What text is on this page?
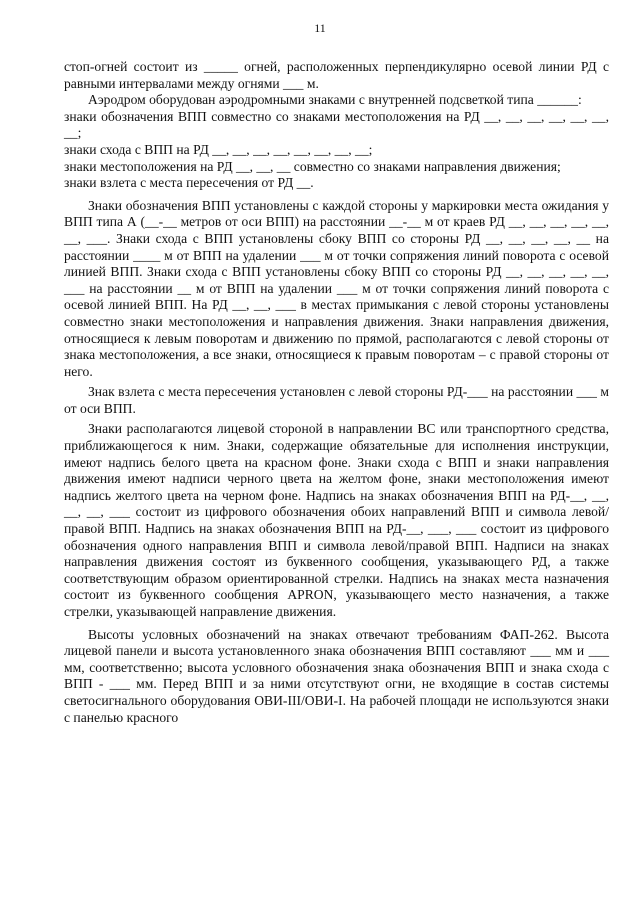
11

стоп-огней состоит из _____ огней, расположенных перпендикулярно осевой линии РД с равными интервалами между огнями ___ м.

Аэродром оборудован аэродромными знаками с внутренней подсветкой типа ______:

знаки обозначения ВПП совместно со знаками местоположения на РД __, __, __, __, __, __, __;

знаки схода с ВПП на РД __, __, __, __, __, __, __, __;

знаки местоположения на РД __, __, __ совместно со знаками направления движения;

знаки взлета с места пересечения от РД __.

Знаки обозначения ВПП установлены с каждой стороны у маркировки места ожидания у ВПП типа А (__-__ метров от оси ВПП) на расстоянии __-__ м от краев РД __, __, __, __, __, __, ___. Знаки схода с ВПП установлены сбоку ВПП со стороны РД __, __, __, __, __ на расстоянии ____ м от ВПП на удалении ___ м от точки сопряжения линий поворота с осевой линией ВПП. Знаки схода с ВПП установлены сбоку ВПП со стороны РД __, __, __, __, __, ___ на расстоянии __ м от ВПП на удалении ___ м от точки сопряжения линий поворота с осевой линией ВПП. На РД __, __, ___ в местах примыкания с левой стороны установлены совместно знаки местоположения и направления движения. Знаки направления движения, относящиеся к левым поворотам и движению по прямой, располагаются с левой стороны от знака местоположения, а все знаки, относящиеся к правым поворотам – с правой стороны от него.

Знак взлета с места пересечения установлен с левой стороны РД-___ на расстоянии ___ м от оси ВПП.

Знаки располагаются лицевой стороной в направлении ВС или транспортного средства, приближающегося к ним. Знаки, содержащие обязательные для исполнения инструкции, имеют надпись белого цвета на красном фоне. Знаки схода с ВПП и знаки направления движения имеют надписи черного цвета на желтом фоне, знаки местоположения имеют надпись желтого цвета на черном фоне. Надпись на знаках обозначения ВПП на РД-__, __, __, __, ___ состоит из цифрового обозначения обоих направлений ВПП и символа левой/правой ВПП. Надпись на знаках обозначения ВПП на РД-__, ___, ___ состоит из цифрового обозначения одного направления ВПП и символа левой/правой ВПП. Надписи на знаках направления движения состоят из буквенного сообщения, указывающего РД, а также соответствующим образом ориентированной стрелки. Надпись на знаках места назначения состоит из буквенного сообщения APRON, указывающего место назначения, а также стрелки, указывающей направление движения.

Высоты условных обозначений на знаках отвечают требованиям ФАП-262. Высота лицевой панели и высота установленного знака обозначения ВПП составляют ___ мм и ___ мм, соответственно; высота условного обозначения знака обозначения ВПП и знака схода с ВПП - ___ мм. Перед ВПП и за ними отсутствуют огни, не входящие в состав системы светосигнального оборудования ОВИ-III/ОВИ-I. На рабочей площади не используются знаки с панелью красного
